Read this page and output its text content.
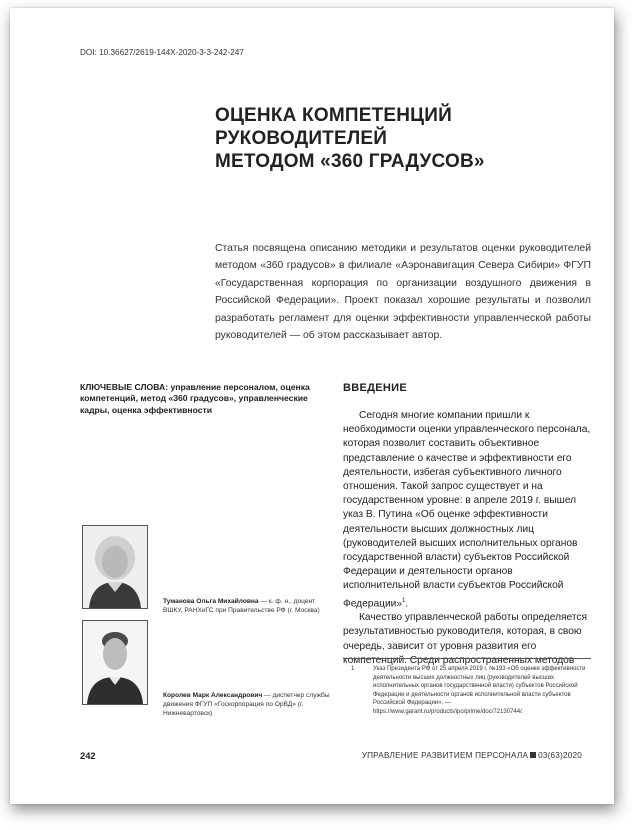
DOI: 10.36627/2619-144X-2020-3-3-242-247
ОЦЕНКА КОМПЕТЕНЦИЙ РУКОВОДИТЕЛЕЙ
МЕТОДОМ «360 ГРАДУСОВ»
Статья посвящена описанию методики и результатов оценки руководителей методом «360 градусов» в филиале «Аэронавигация Севера Сибири» ФГУП «Государственная корпорация по организации воздушного движения в Российской Федерации». Проект показал хорошие результаты и позволил разработать регламент для оценки эффективности управленческой работы руководителей — об этом рассказывает автор.
КЛЮЧЕВЫЕ СЛОВА: управление персоналом, оценка компетенций, метод «360 градусов», управленческие кадры, оценка эффективности
ВВЕДЕНИЕ

Сегодня многие компании пришли к необходимости оценки управленческого персонала, которая позволит составить объективное представление о качестве и эффективности его деятельности, избегая субъективного личного отношения. Такой запрос существует и на государственном уровне: в апреле 2019 г. вышел указ В. Путина «Об оценке эффективности деятельности высших должностных лиц (руководителей высших исполнительных органов государственной власти) субъектов Российской Федерации и деятельности органов исполнительной власти субъектов Российской Федерации»$^1$.

Качество управленческой работы определяется результативностью руководителя, которая, в свою очередь, зависит от уровня развития его компетенций. Среди распространенных методов

Туманова Ольга Михайловна — к. ф. н., доцент ВШКУ, РАНХиГС при Правительстве РФ (г. Москва)
Королев Марк Александрович — диспетчер службы движения ФГУП «Госкорпорация по ОрВД» (г. Нижневартовск)
1	Указ Президента РФ от 25 апреля 2019 г. №193 «Об оценке эффективности деятельности высших должностных лиц (руководителей высших исполнительных органов государственной власти) субъектов Российской Федерации и деятельности органов исполнительной власти субъектов Российской Федерации». — https://www.garant.ru/products/ipo/prime/doc/72130744/.
242	УПРАВЛЕНИЕ РАЗВИТИЕМ ПЕРСОНАЛА 03(63)2020
